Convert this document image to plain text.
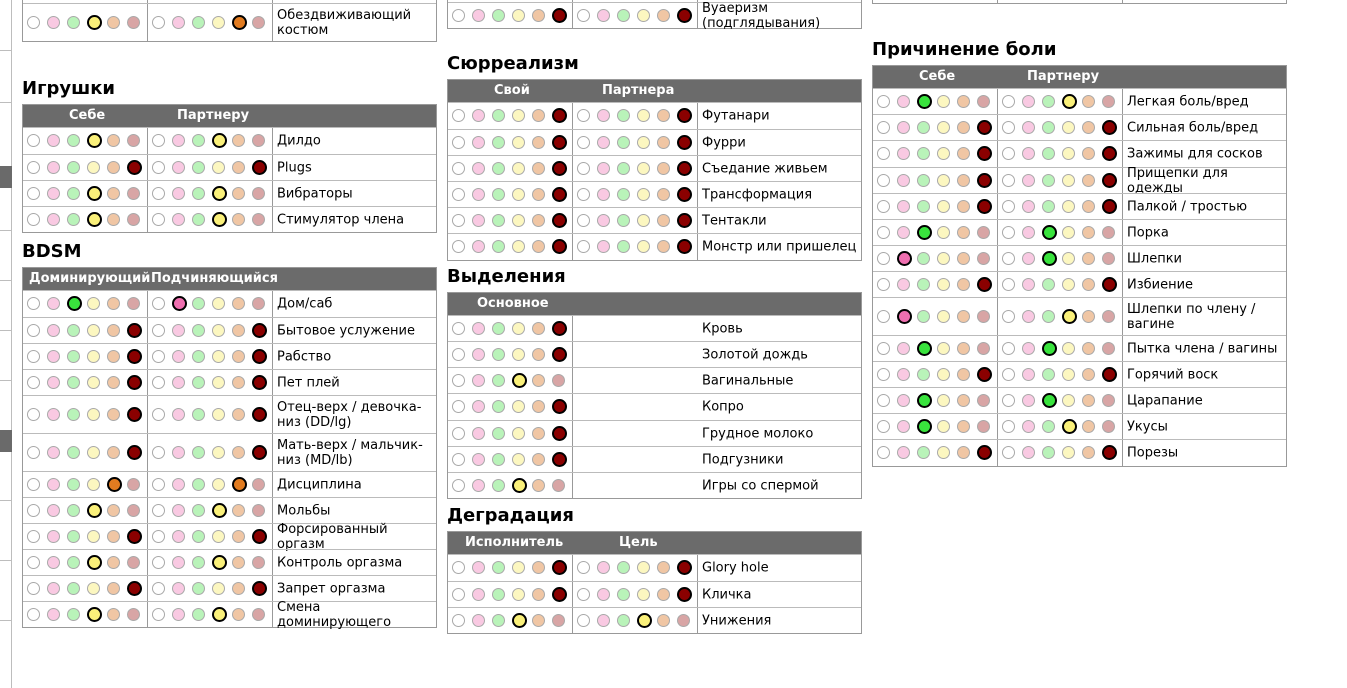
Обездвиживающий костюм
Игрушки
Себе	Партнеру
Дилдо
Plugs
Вибраторы
Стимулятор члена
BDSM
Доминирующий Подчиняющийся
Дом/саб
Бытовое услужение
Рабство
Пет плей
Отец-верх / девочка-низ (DD/lg)
Мать-верх / мальчик-низ (MD/lb)
Дисциплина
Мольбы
Форсированный оргазм
Контроль оргазма
Запрет оргазма
Смена доминирующего
Вуаеризм (подглядывания)
Сюрреализм
Свой	Партнера
Футанари
Фурри
Съедание живьем
Трансформация
Тентакли
Монстр или пришелец
Выделения
Основное
Кровь
Золотой дождь
Вагинальные
Копро
Грудное молоко
Подгузники
Игры со спермой
Деградация
Исполнитель	Цель
Glory hole
Кличка
Унижения
Причинение боли
Себе	Партнеру
Легкая боль/вред
Сильная боль/вред
Зажимы для сосков
Прищепки для одежды
Палкой / тростью
Порка
Шлепки
Избиение
Шлепки по члену / вагине
Пытка члена / вагины
Горячий воск
Царапание
Укусы
Порезы
